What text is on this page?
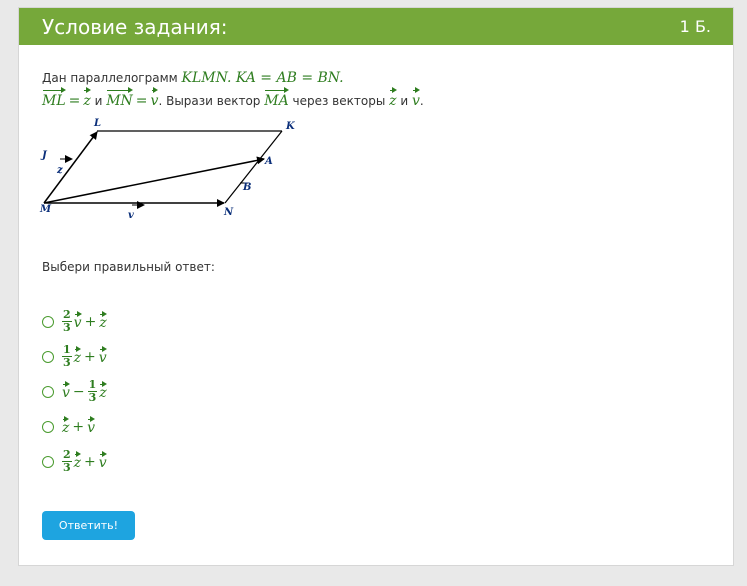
Условие задания:	1 Б.
Дан параллелограмм KLMN. KA = AB = BN.
ML = z и MN = v. Вырази вектор MA через векторы z и v.
L	K
M	N
A
B
J
z
v
Выбери правильный ответ:
$\frac{2}{3}$ v + z
$\frac{1}{3}$ z + v
$v - \frac{1}{3}$ z
z + v
$\frac{2}{3}$ z + v
Ответить!
